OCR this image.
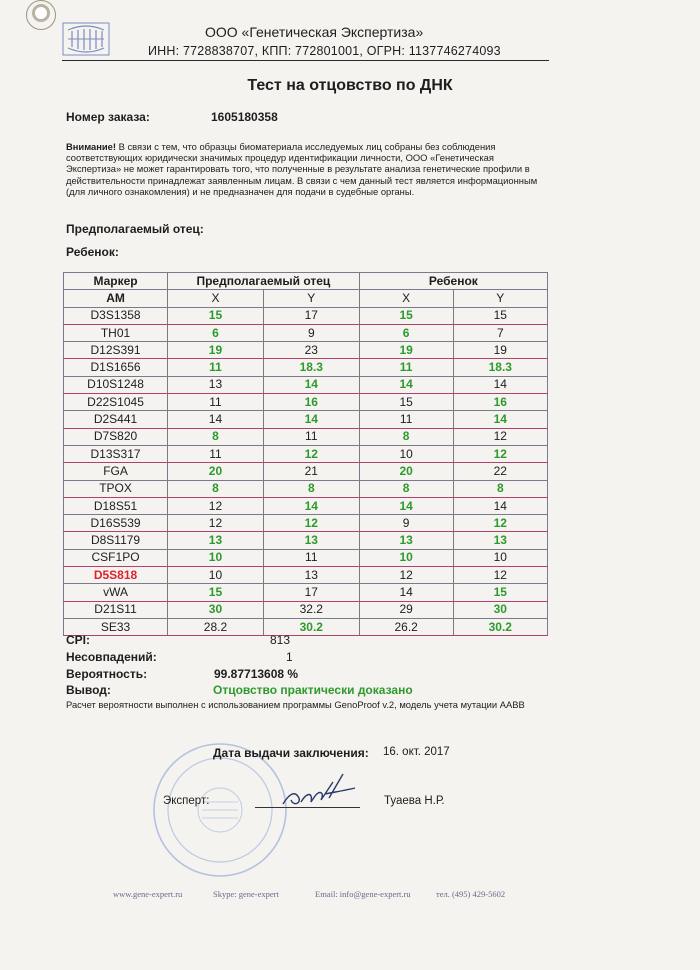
ООО «Генетическая Экспертиза»
ИНН: 7728838707, КПП: 772801001, ОГРН: 1137746274093
Тест на отцовство по ДНК
Номер заказа:	1605180358
Внимание! В связи с тем, что образцы биоматериала исследуемых лиц собраны без соблюдения соответствующих юридически значимых процедур идентификации личности, ООО «Генетическая Экспертиза» не может гарантировать того, что полученные в результате анализа генетические профили в действительности принадлежат заявленным лицам. В связи с чем данный тест является информационным (для личного ознакомления) и не предназначен для подачи в судебные органы.
Предполагаемый отец:
Ребенок:
Маркер	Предполагаемый отец		Ребенок	
AM	X	Y	X	Y
D3S1358	15	17	15	15
TH01	6	9	6	7
D12S391	19	23	19	19
D1S1656	11	18.3	11	18.3
D10S1248	13	14	14	14
D22S1045	11	16	15	16
D2S441	14	14	11	14
D7S820	8	11	8	12
D13S317	11	12	10	12
FGA	20	21	20	22
TPOX	8	8	8	8
D18S51	12	14	14	14
D16S539	12	12	9	12
D8S1179	13	13	13	13
CSF1PO	10	11	10	10
D5S818	10	13	12	12
vWA	15	17	14	15
D21S11	30	32.2	29	30
SE33	28.2	30.2	26.2	30.2
CPI:	813
Несовпадений:	1
Вероятность:	99.87713608 %
Вывод:	Отцовство практически доказано
Расчет вероятности выполнен с использованием программы GenoProof v.2, модель учета мутации AABB
Дата выдачи заключения: 16. окт. 2017
Эксперт:	Туаева Н.Р.
www.gene-expert.ru	Skype: gene-expert	Email: info@gene-expert.ru	тел. (495) 429-5602
